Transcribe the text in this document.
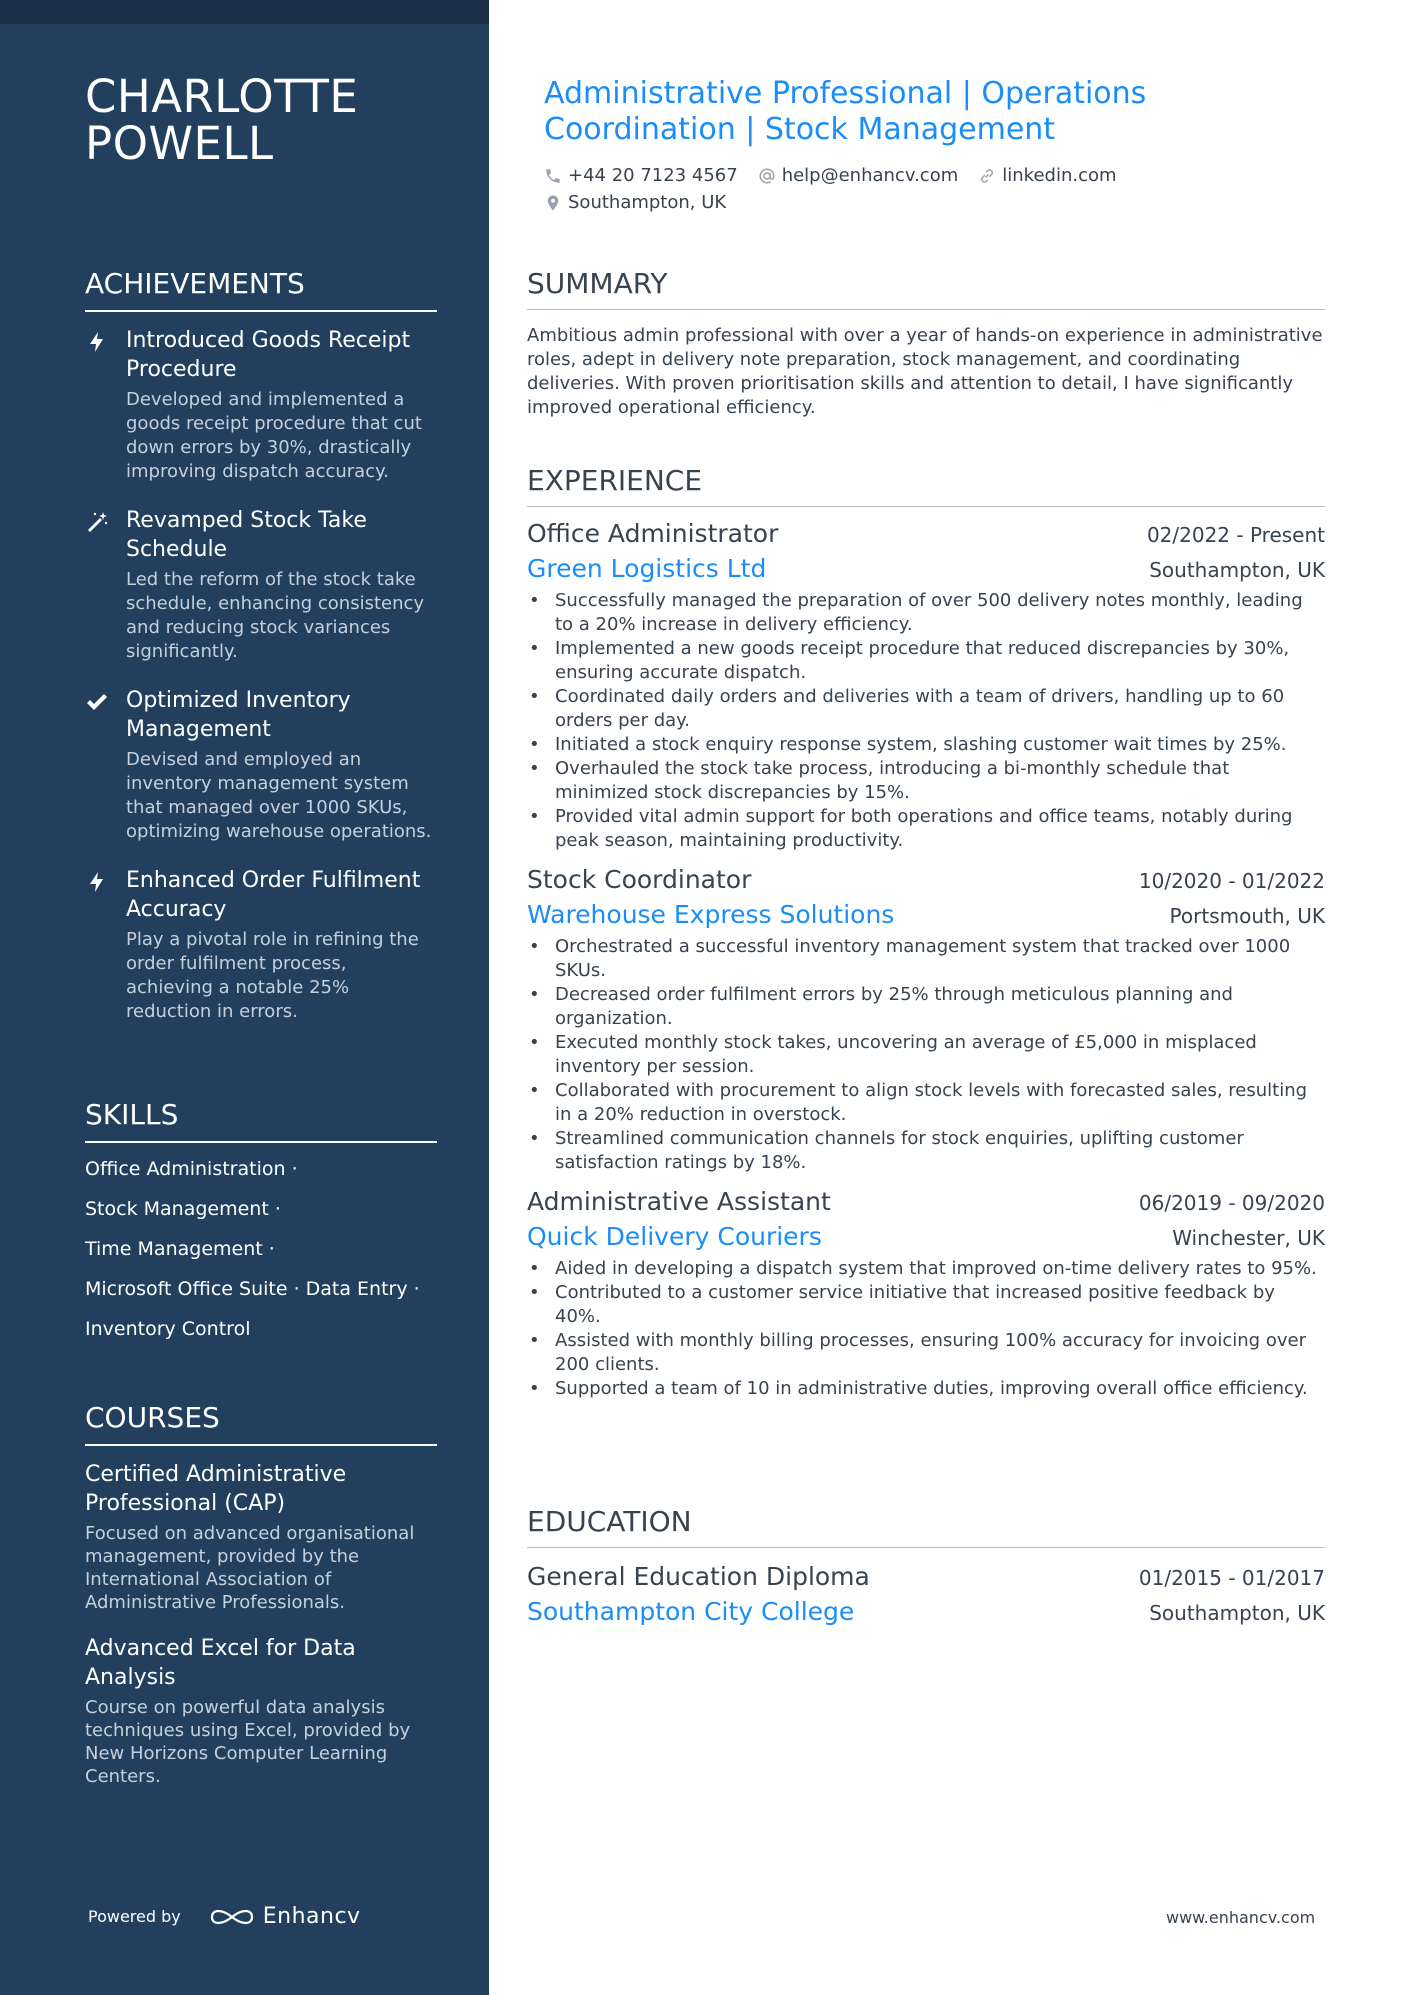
CHARLOTTE
POWELL
ACHIEVEMENTS
Introduced Goods Receipt Procedure
Developed and implemented a goods receipt procedure that cut down errors by 30%, drastically improving dispatch accuracy.
Revamped Stock Take Schedule
Led the reform of the stock take schedule, enhancing consistency and reducing stock variances significantly.
Optimized Inventory Management
Devised and employed an inventory management system that managed over 1000 SKUs, optimizing warehouse operations.
Enhanced Order Fulfilment Accuracy
Play a pivotal role in refining the order fulfilment process, achieving a notable 25% reduction in errors.
SKILLS
Office Administration ·
Stock Management ·
Time Management ·
Microsoft Office Suite · Data Entry ·
Inventory Control
COURSES
Certified Administrative Professional (CAP)
Focused on advanced organisational management, provided by the International Association of Administrative Professionals.
Advanced Excel for Data Analysis
Course on powerful data analysis techniques using Excel, provided by New Horizons Computer Learning Centers.
Powered by	Enhancv
Administrative Professional | Operations Coordination | Stock Management
+44 20 7123 4567 help@enhancv.com linkedin.com
Southampton, UK
SUMMARY
Ambitious admin professional with over a year of hands-on experience in administrative roles, adept in delivery note preparation, stock management, and coordinating deliveries. With proven prioritisation skills and attention to detail, I have significantly improved operational efficiency.
EXPERIENCE
Office Administrator	02/2022 - Present
Green Logistics Ltd	Southampton, UK
• Successfully managed the preparation of over 500 delivery notes monthly, leading to a 20% increase in delivery efficiency.
• Implemented a new goods receipt procedure that reduced discrepancies by 30%, ensuring accurate dispatch.
• Coordinated daily orders and deliveries with a team of drivers, handling up to 60 orders per day.
• Initiated a stock enquiry response system, slashing customer wait times by 25%.
• Overhauled the stock take process, introducing a bi-monthly schedule that minimized stock discrepancies by 15%.
• Provided vital admin support for both operations and office teams, notably during peak season, maintaining productivity.
Stock Coordinator	10/2020 - 01/2022
Warehouse Express Solutions	Portsmouth, UK
• Orchestrated a successful inventory management system that tracked over 1000 SKUs.
• Decreased order fulfilment errors by 25% through meticulous planning and organization.
• Executed monthly stock takes, uncovering an average of £5,000 in misplaced inventory per session.
• Collaborated with procurement to align stock levels with forecasted sales, resulting in a 20% reduction in overstock.
• Streamlined communication channels for stock enquiries, uplifting customer satisfaction ratings by 18%.
Administrative Assistant	06/2019 - 09/2020
Quick Delivery Couriers	Winchester, UK
• Aided in developing a dispatch system that improved on-time delivery rates to 95%.
• Contributed to a customer service initiative that increased positive feedback by 40%.
• Assisted with monthly billing processes, ensuring 100% accuracy for invoicing over 200 clients.
• Supported a team of 10 in administrative duties, improving overall office efficiency.
EDUCATION
General Education Diploma	01/2015 - 01/2017
Southampton City College	Southampton, UK
www.enhancv.com
